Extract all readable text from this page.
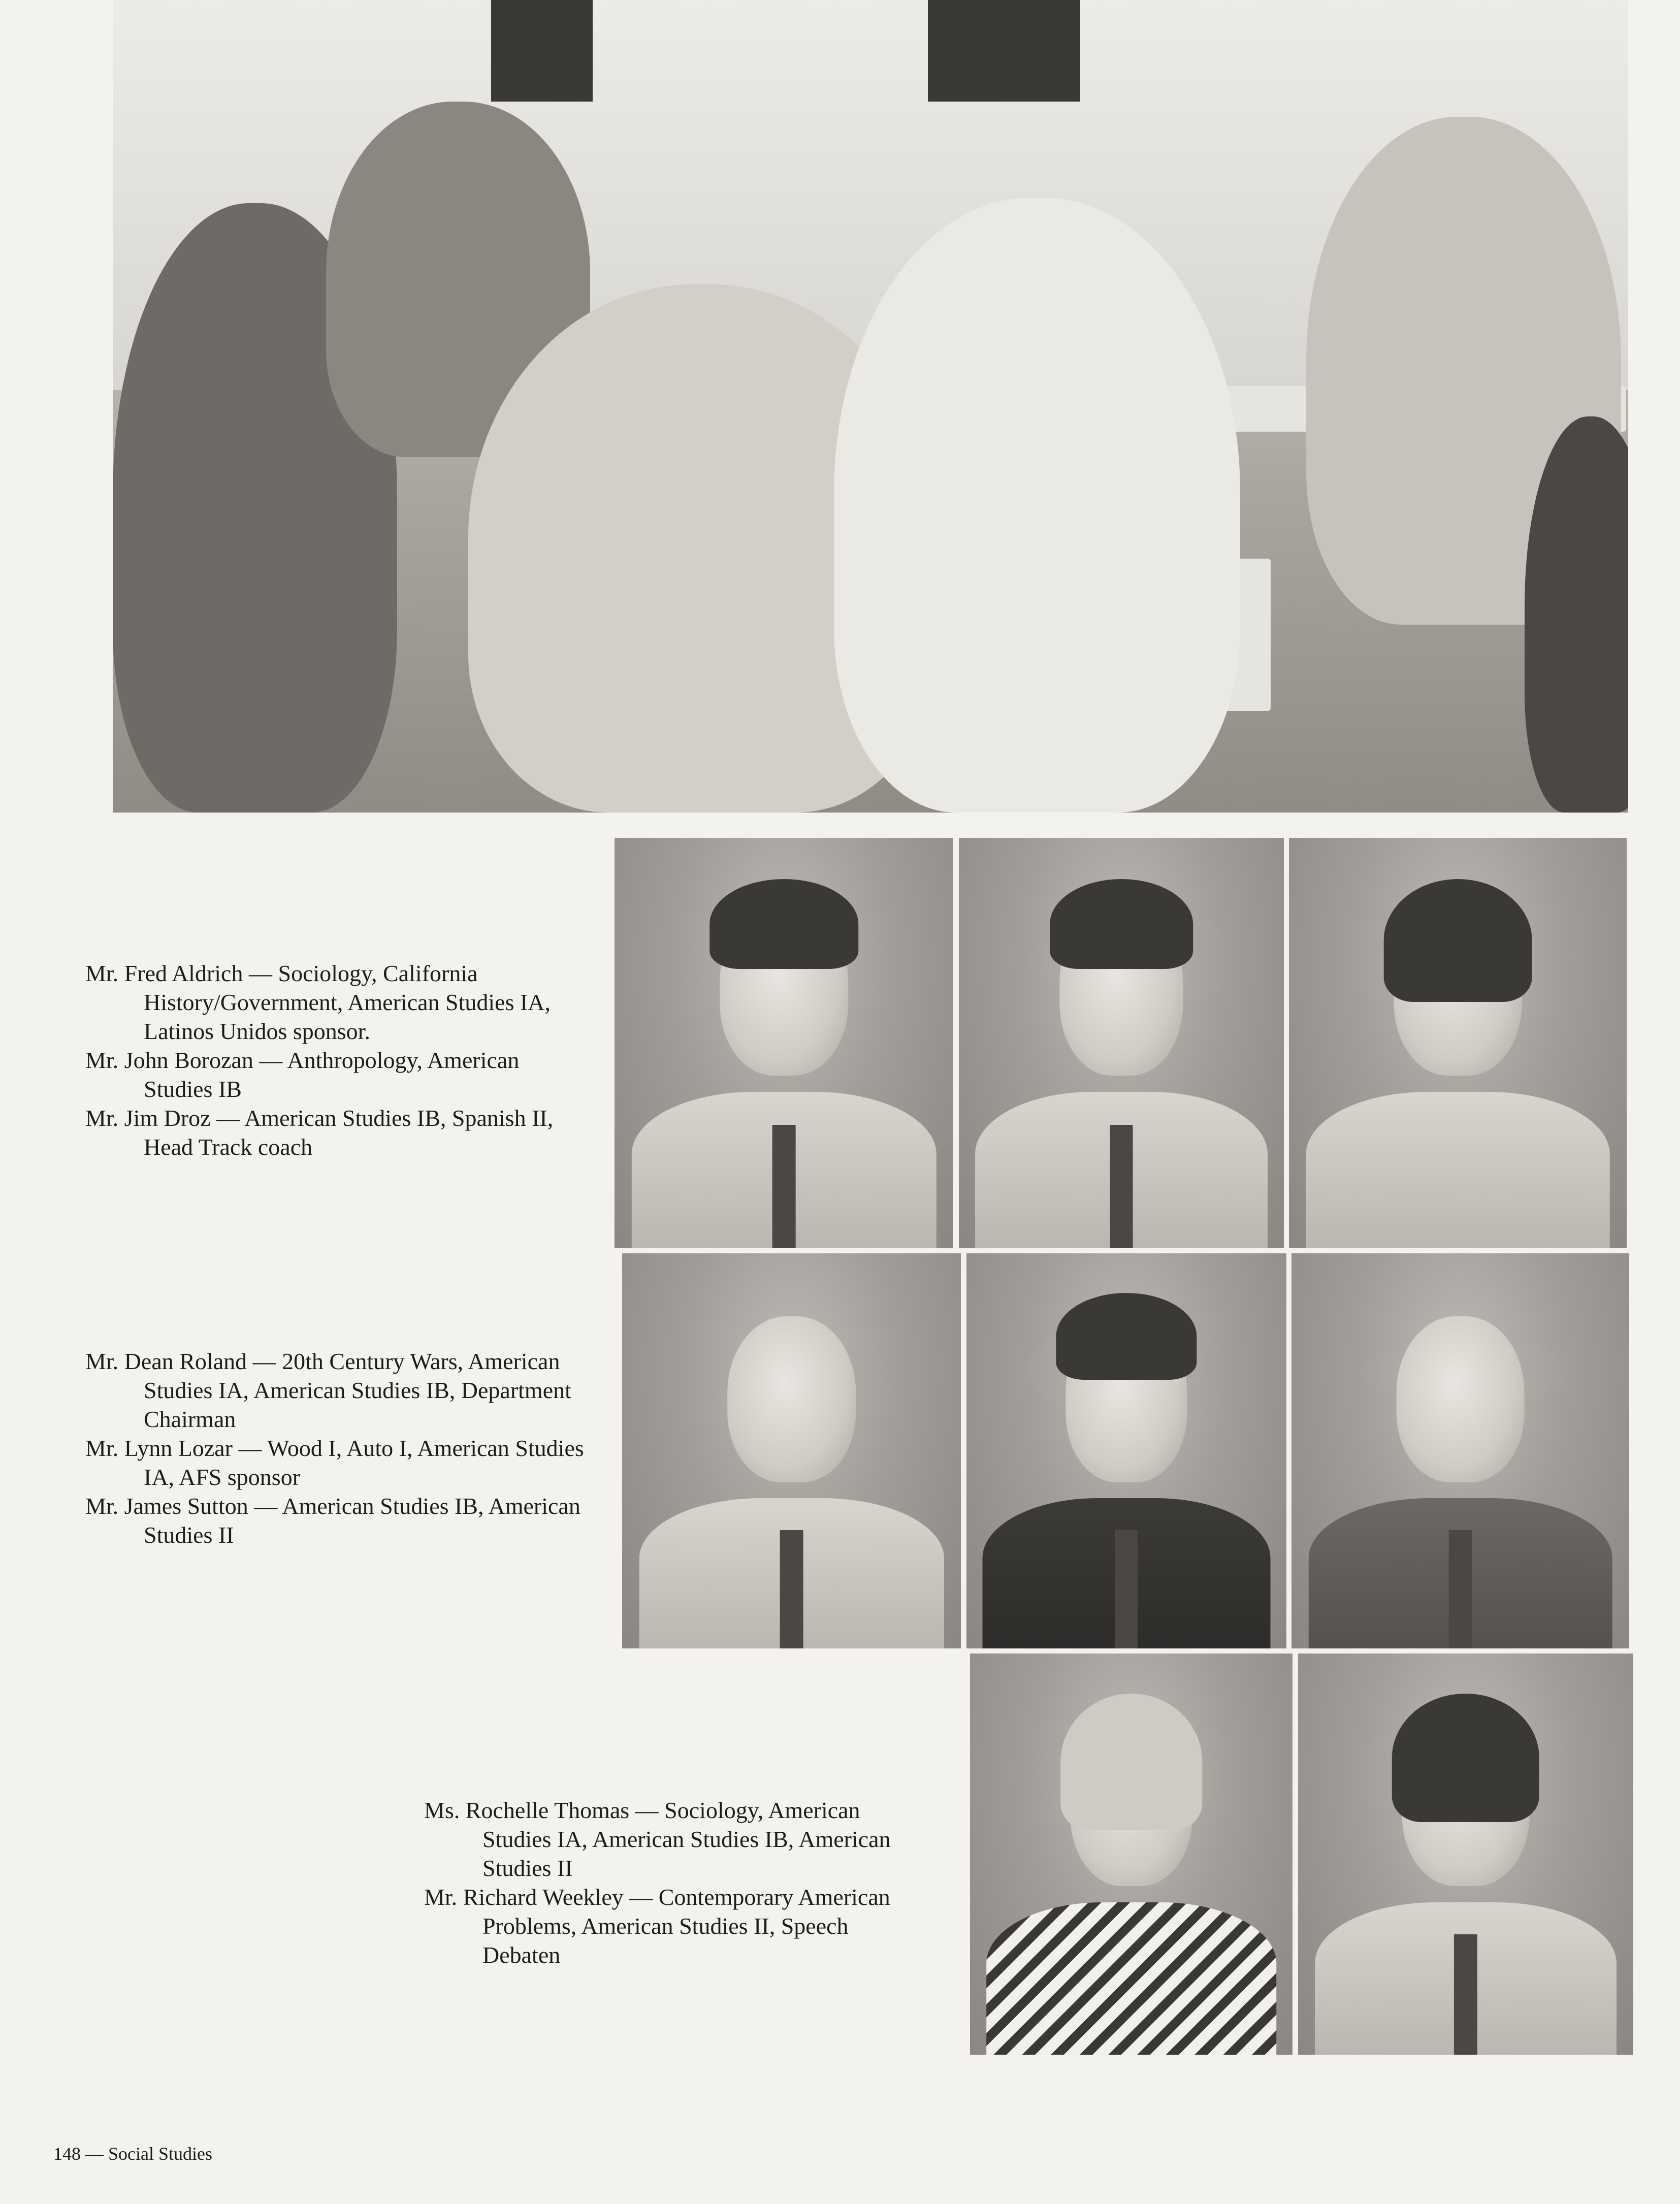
Mr. Fred Aldrich — Sociology, California History/Government, American Studies IA, Latinos Unidos sponsor.

Mr. John Borozan — Anthropology, American Studies IB

Mr. Jim Droz — American Studies IB, Spanish II, Head Track coach

Mr. Dean Roland — 20th Century Wars, American Studies IA, American Studies IB, Department Chairman

Mr. Lynn Lozar — Wood I, Auto I, American Studies IA, AFS sponsor

Mr. James Sutton — American Studies IB, American Studies II

Ms. Rochelle Thomas — Sociology, American Studies IA, American Studies IB, American Studies II

Mr. Richard Weekley — Contemporary American Problems, American Studies II, Speech Debaten

148 — Social Studies
